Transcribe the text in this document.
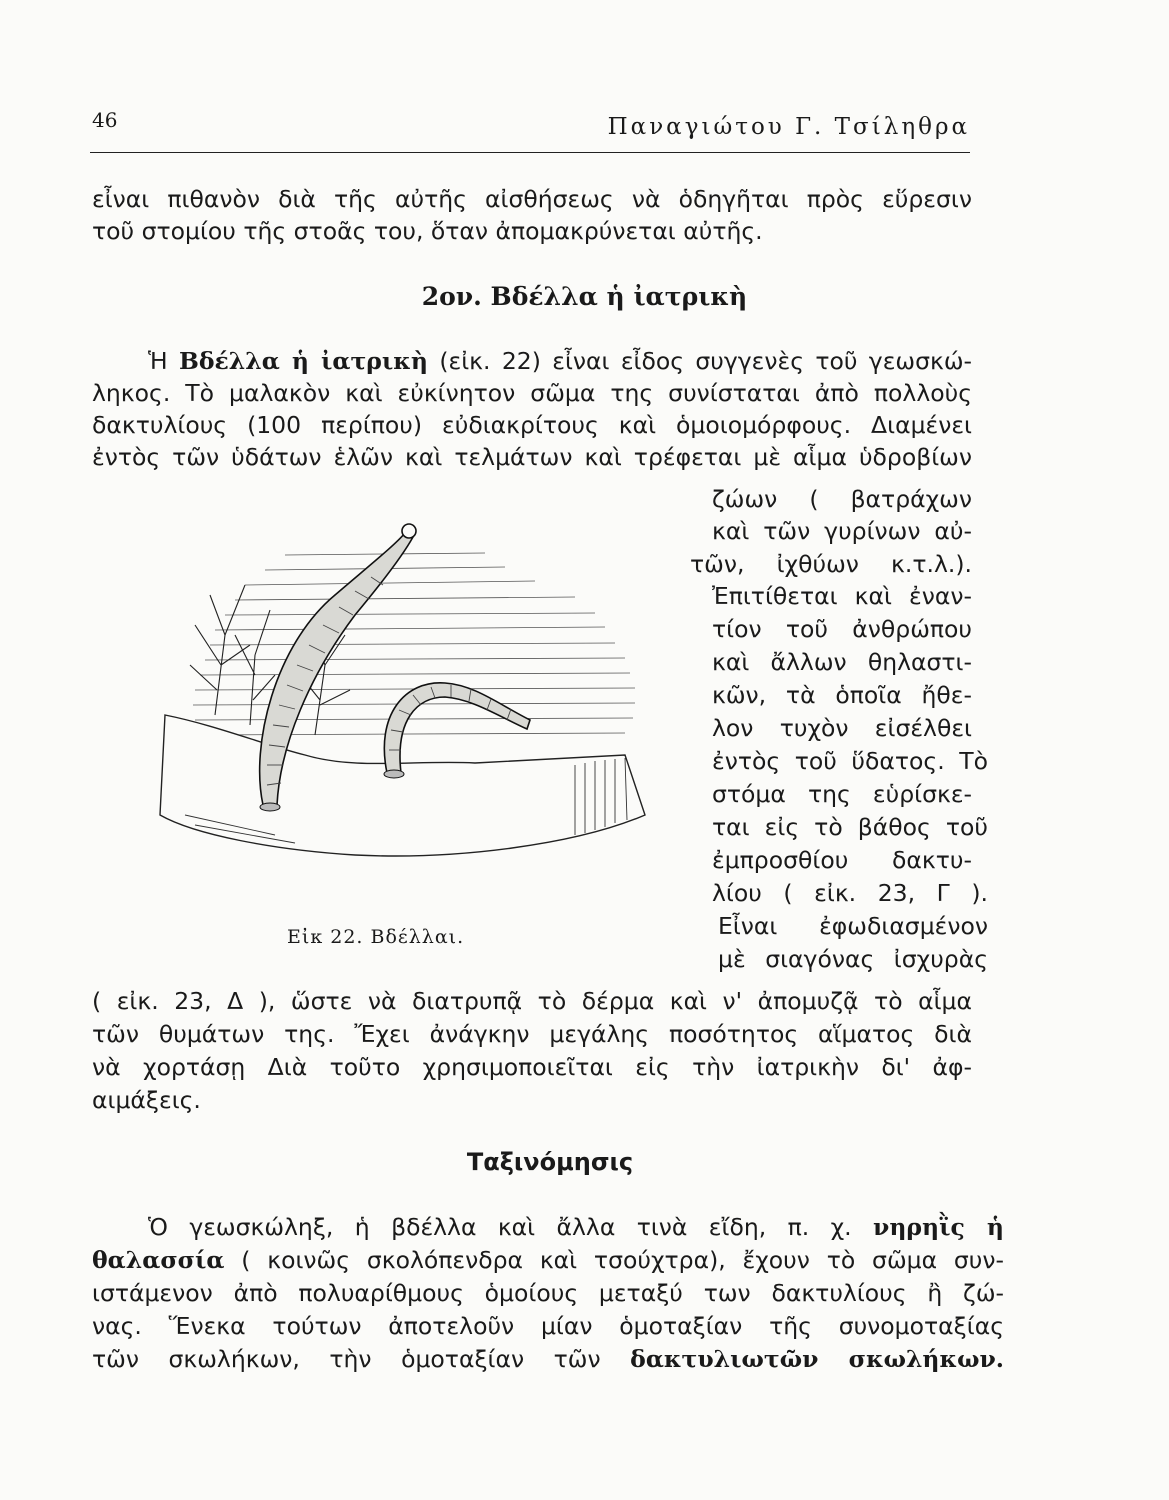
46	Παναγιώτου Γ. Τσίληθρα

εἶναι πιθανὸν διὰ τῆς αὐτῆς αἰσθήσεως νὰ ὁδηγῆται πρὸς εὕρεσιν

τοῦ στομίου τῆς στοᾶς του, ὅταν ἀπομακρύνεται αὐτῆς.

2ον. Βδέλλα ἡ ἰατρικὴ

Ἡ Βδέλλα ἡ ἰατρικὴ (εἰκ. 22) εἶναι εἶδος συγγενὲς τοῦ γεωσκώ-

ληκος. Τὸ μαλακὸν καὶ εὐκίνητον σῶμα της συνίσταται ἀπὸ πολλοὺς

δακτυλίους (100 περίπου) εὐδιακρίτους καὶ ὁμοιομόρφους. Διαμένει

ἐντὸς τῶν ὑδάτων ἑλῶν καὶ τελμάτων καὶ τρέφεται μὲ αἷμα ὑδροβίων

ζώων ( βατράχων

καὶ τῶν γυρίνων αὐ-

τῶν, ἰχθύων κ.τ.λ.).

Ἐπιτίθεται καὶ ἐναν-

τίον τοῦ ἀνθρώπου

καὶ ἄλλων θηλαστι-

κῶν, τὰ ὁποῖα ἤθε-

λον τυχὸν εἰσέλθει

ἐντὸς τοῦ ὕδατος. Τὸ

στόμα της εὑρίσκε-

ται εἰς τὸ βάθος τοῦ

ἐμπροσθίου δακτυ-

λίου ( εἰκ. 23, Γ ).

Εἶναι ἐφωδιασμένον

μὲ σιαγόνας ἰσχυρὰς

Εἰκ 22. Βδέλλαι.

( εἰκ. 23, Δ ), ὥστε νὰ διατρυπᾷ τὸ δέρμα καὶ ν' ἀπομυζᾷ τὸ αἷμα

τῶν θυμάτων της. Ἔχει ἀνάγκην μεγάλης ποσότητος αἵματος διὰ

νὰ χορτάσῃ Διὰ τοῦτο χρησιμοποιεῖται εἰς τὴν ἰατρικὴν δι' ἀφ-

αιμάξεις.

Ταξινόμησις

Ὁ γεωσκώληξ, ἡ βδέλλα καὶ ἄλλα τινὰ εἴδη, π. χ. νηρηῒς ἡ

θαλασσία ( κοινῶς σκολόπενδρα καὶ τσούχτρα), ἔχουν τὸ σῶμα συν-

ιστάμενον ἀπὸ πολυαρίθμους ὁμοίους μεταξύ των δακτυλίους ἢ ζώ-

νας. Ἕνεκα τούτων ἀποτελοῦν μίαν ὁμοταξίαν τῆς συνομοταξίας

τῶν σκωλήκων, τὴν ὁμοταξίαν τῶν δακτυλιωτῶν σκωλήκων.
